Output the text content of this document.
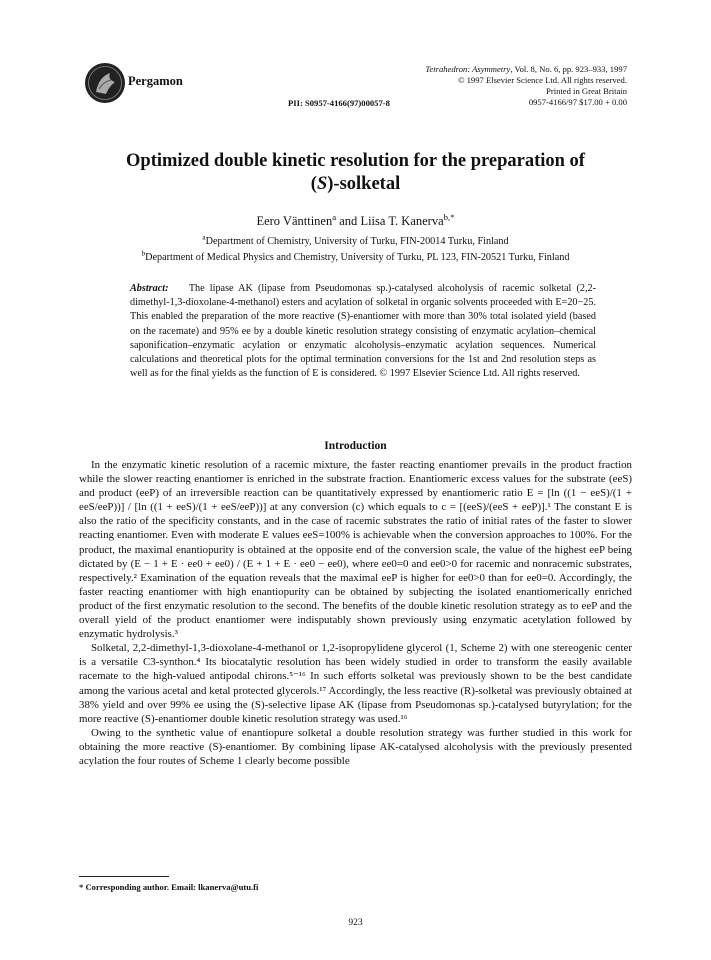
Pergamon
Tetrahedron: Asymmetry, Vol. 8, No. 6, pp. 923–933, 1997
© 1997 Elsevier Science Ltd. All rights reserved.
Printed in Great Britain
0957-4166/97 $17.00 + 0.00
PII: S0957-4166(97)00057-8
Optimized double kinetic resolution for the preparation of
(S)-solketal
Eero Vänttinen$^a$ and Liisa T. Kanerva$^{b,*}$
$^a$Department of Chemistry, University of Turku, FIN-20014 Turku, Finland
$^b$Department of Medical Physics and Chemistry, University of Turku, PL 123, FIN-20521 Turku, Finland
Abstract: The lipase AK (lipase from Pseudomonas sp.)-catalysed alcoholysis of racemic solketal (2,2-dimethyl-1,3-dioxolane-4-methanol) esters and acylation of solketal in organic solvents proceeded with E=20−25. This enabled the preparation of the more reactive (S)-enantiomer with more than 30% total isolated yield (based on the racemate) and 95% ee by a double kinetic resolution strategy consisting of enzymatic acylation–chemical saponification–enzymatic acylation or enzymatic alcoholysis–enzymatic acylation sequences. Numerical calculations and theoretical plots for the optimal termination conversions for the 1st and 2nd resolution steps as well as for the final yields as the function of E is considered. © 1997 Elsevier Science Ltd. All rights reserved.
Introduction

In the enzymatic kinetic resolution of a racemic mixture, the faster reacting enantiomer prevails in the product fraction while the slower reacting enantiomer is enriched in the substrate fraction. Enantiomeric excess values for the substrate (eeS) and product (eeP) of an irreversible reaction can be quantitatively expressed by enantiomeric ratio E = [ln ((1 − eeS)/(1 + eeS/eeP))] / [ln ((1 + eeS)/(1 + eeS/eeP))] at any conversion (c) which equals to c = [(eeS)/(eeS + eeP)].¹ The constant E is also the ratio of the specificity constants, and in the case of racemic substrates the ratio of initial rates of the faster to slower reacting enantiomer. Even with moderate E values eeS=100% is achievable when the conversion approaches to 100%. For the product, the maximal enantiopurity is obtained at the opposite end of the conversion scale, the value of the highest eeP being dictated by (E − 1 + E · ee0 + ee0) / (E + 1 + E · ee0 − ee0), where ee0=0 and ee0>0 for racemic and nonracemic substrates, respectively.² Examination of the equation reveals that the maximal eeP is higher for ee0>0 than for ee0=0. Accordingly, the faster reacting enantiomer with high enantiopurity can be obtained by subjecting the isolated enantiomerically enriched product of the first enzymatic resolution to the second. The benefits of the double kinetic resolution strategy as to eeP and the overall yield of the product enantiomer were indisputably shown previously using enzymatic acetylation followed by enzymatic hydrolysis.³

Solketal, 2,2-dimethyl-1,3-dioxolane-4-methanol or 1,2-isopropylidene glycerol (1, Scheme 2) with one stereogenic center is a versatile C3-synthon.⁴ Its biocatalytic resolution has been widely studied in order to transform the easily available racemate to the high-valued antipodal chirons.⁵⁻¹⁶ In such efforts solketal was previously shown to be the best candidate among the various acetal and ketal protected glycerols.¹⁷ Accordingly, the less reactive (R)-solketal was previously obtained at 38% yield and over 99% ee using the (S)-selective lipase AK (lipase from Pseudomonas sp.)-catalysed butyrylation; for the more reactive (S)-enantiomer double kinetic resolution strategy was used.¹⁶

Owing to the synthetic value of enantiopure solketal a double resolution strategy was further studied in this work for obtaining the more reactive (S)-enantiomer. By combining lipase AK-catalysed alcoholysis with the previously presented acylation the four routes of Scheme 1 clearly become possible

* Corresponding author. Email: lkanerva@utu.fi
923
